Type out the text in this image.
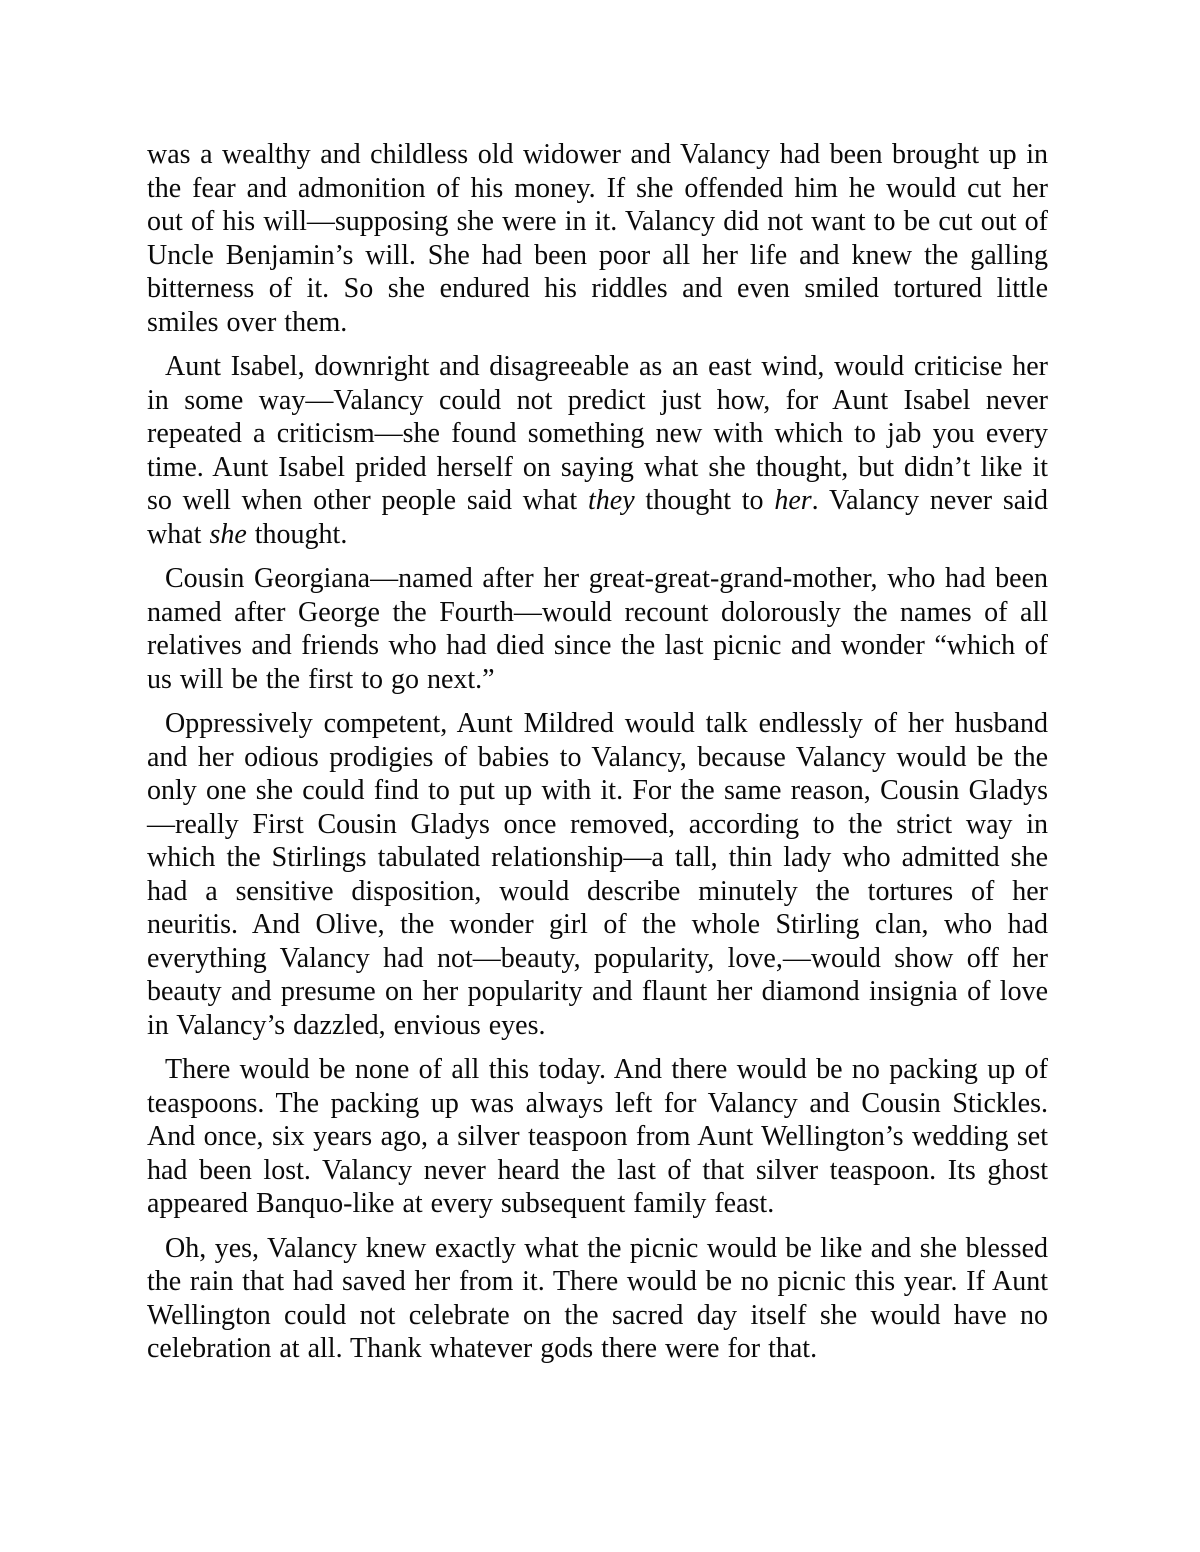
was a wealthy and childless old widower and Valancy had been brought up in the fear and admonition of his money. If she offended him he would cut her out of his will—supposing she were in it. Valancy did not want to be cut out of Uncle Benjamin’s will. She had been poor all her life and knew the galling bitterness of it. So she endured his riddles and even smiled tortured little smiles over them.

Aunt Isabel, downright and disagreeable as an east wind, would criticise her in some way—Valancy could not predict just how, for Aunt Isabel never repeated a criticism—she found something new with which to jab you every time. Aunt Isabel prided herself on saying what she thought, but didn’t like it so well when other people said what they thought to her. Valancy never said what she thought.

Cousin Georgiana—named after her great-great-grand-mother, who had been named after George the Fourth—would recount dolorously the names of all relatives and friends who had died since the last picnic and wonder “which of us will be the first to go next.”

Oppressively competent, Aunt Mildred would talk endlessly of her husband and her odious prodigies of babies to Valancy, because Valancy would be the only one she could find to put up with it. For the same reason, Cousin Gladys—really First Cousin Gladys once removed, according to the strict way in which the Stirlings tabulated relationship—a tall, thin lady who admitted she had a sensitive disposition, would describe minutely the tortures of her neuritis. And Olive, the wonder girl of the whole Stirling clan, who had everything Valancy had not—beauty, popularity, love,—would show off her beauty and presume on her popularity and flaunt her diamond insignia of love in Valancy’s dazzled, envious eyes.

There would be none of all this today. And there would be no packing up of teaspoons. The packing up was always left for Valancy and Cousin Stickles. And once, six years ago, a silver teaspoon from Aunt Wellington’s wedding set had been lost. Valancy never heard the last of that silver teaspoon. Its ghost appeared Banquo-like at every subsequent family feast.

Oh, yes, Valancy knew exactly what the picnic would be like and she blessed the rain that had saved her from it. There would be no picnic this year. If Aunt Wellington could not celebrate on the sacred day itself she would have no celebration at all. Thank whatever gods there were for that.
